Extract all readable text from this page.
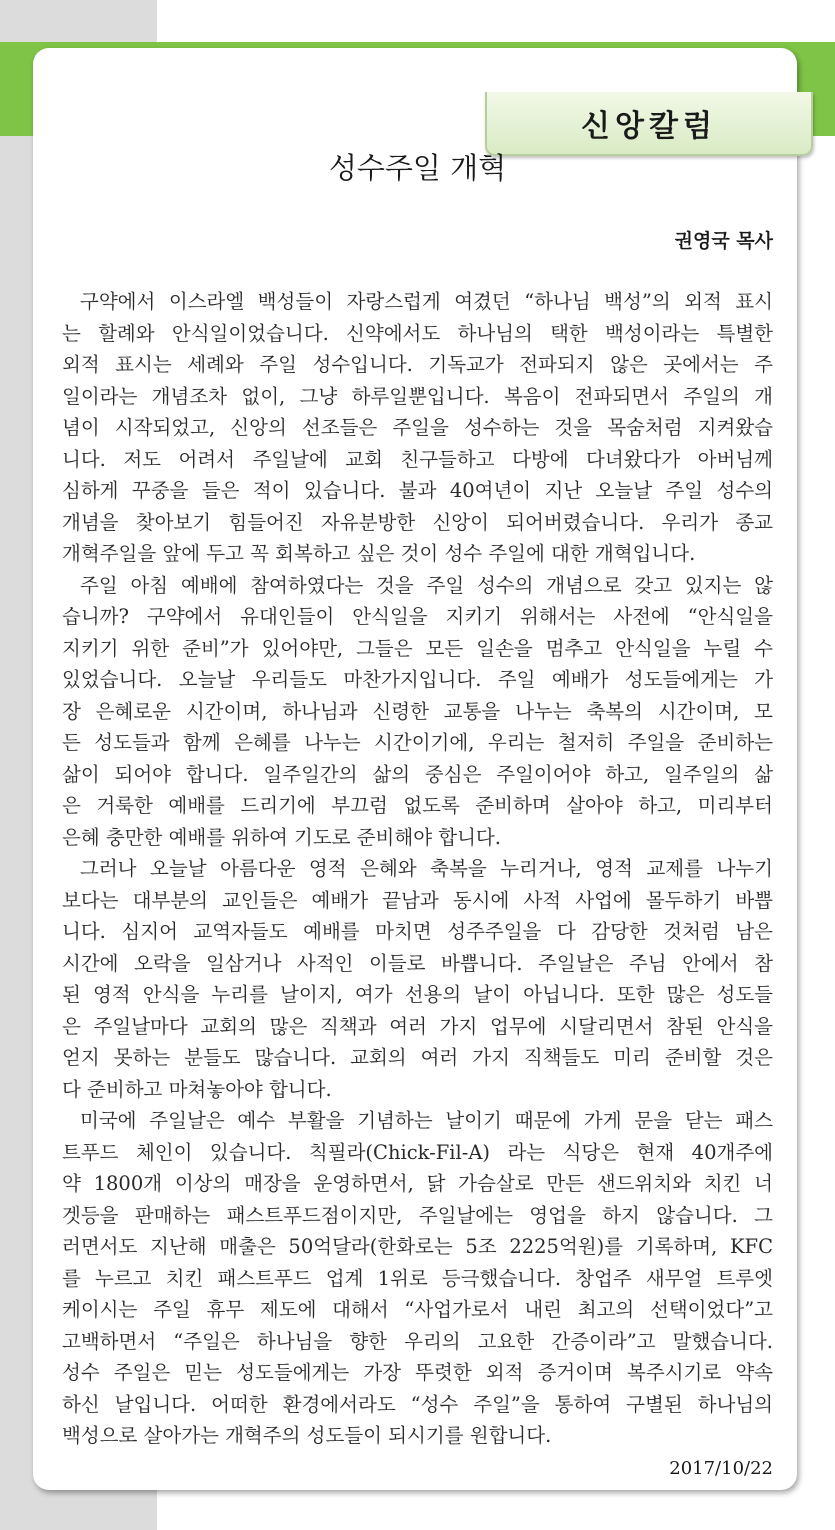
신앙칼럼
성수주일 개혁
권영국 목사
구약에서 이스라엘 백성들이 자랑스럽게 여겼던 “하나님 백성”의 외적 표시
는 할례와 안식일이었습니다. 신약에서도 하나님의 택한 백성이라는 특별한
외적 표시는 세례와 주일 성수입니다. 기독교가 전파되지 않은 곳에서는 주
일이라는 개념조차 없이, 그냥 하루일뿐입니다. 복음이 전파되면서 주일의 개
념이 시작되었고, 신앙의 선조들은 주일을 성수하는 것을 목숨처럼 지켜왔습
니다. 저도 어려서 주일날에 교회 친구들하고 다방에 다녀왔다가 아버님께
심하게 꾸중을 들은 적이 있습니다. 불과 40여년이 지난 오늘날 주일 성수의
개념을 찾아보기 힘들어진 자유분방한 신앙이 되어버렸습니다. 우리가 종교
개혁주일을 앞에 두고 꼭 회복하고 싶은 것이 성수 주일에 대한 개혁입니다.
주일 아침 예배에 참여하였다는 것을 주일 성수의 개념으로 갖고 있지는 않
습니까? 구약에서 유대인들이 안식일을 지키기 위해서는 사전에 “안식일을
지키기 위한 준비”가 있어야만, 그들은 모든 일손을 멈추고 안식일을 누릴 수
있었습니다. 오늘날 우리들도 마찬가지입니다. 주일 예배가 성도들에게는 가
장 은혜로운 시간이며, 하나님과 신령한 교통을 나누는 축복의 시간이며, 모
든 성도들과 함께 은혜를 나누는 시간이기에, 우리는 철저히 주일을 준비하는
삶이 되어야 합니다. 일주일간의 삶의 중심은 주일이어야 하고, 일주일의 삶
은 거룩한 예배를 드리기에 부끄럼 없도록 준비하며 살아야 하고, 미리부터
은혜 충만한 예배를 위하여 기도로 준비해야 합니다.
그러나 오늘날 아름다운 영적 은혜와 축복을 누리거나, 영적 교제를 나누기
보다는 대부분의 교인들은 예배가 끝남과 동시에 사적 사업에 몰두하기 바쁩
니다. 심지어 교역자들도 예배를 마치면 성주주일을 다 감당한 것처럼 남은
시간에 오락을 일삼거나 사적인 이들로 바쁩니다. 주일날은 주님 안에서 참
된 영적 안식을 누리를 날이지, 여가 선용의 날이 아닙니다. 또한 많은 성도들
은 주일날마다 교회의 많은 직책과 여러 가지 업무에 시달리면서 참된 안식을
얻지 못하는 분들도 많습니다. 교회의 여러 가지 직책들도 미리 준비할 것은
다 준비하고 마쳐놓아야 합니다.
미국에 주일날은 예수 부활을 기념하는 날이기 때문에 가게 문을 닫는 패스
트푸드 체인이 있습니다. 칙필라(Chick-Fil-A) 라는 식당은 현재 40개주에
약 1800개 이상의 매장을 운영하면서, 닭 가슴살로 만든 샌드위치와 치킨 너
겟등을 판매하는 패스트푸드점이지만, 주일날에는 영업을 하지 않습니다. 그
러면서도 지난해 매출은 50억달라(한화로는 5조 2225억원)를 기록하며, KFC
를 누르고 치킨 패스트푸드 업계 1위로 등극했습니다. 창업주 새무얼 트루엣
케이시는 주일 휴무 제도에 대해서 “사업가로서 내린 최고의 선택이었다”고
고백하면서 “주일은 하나님을 향한 우리의 고요한 간증이라”고 말했습니다.
성수 주일은 믿는 성도들에게는 가장 뚜렷한 외적 증거이며 복주시기로 약속
하신 날입니다. 어떠한 환경에서라도 “성수 주일”을 통하여 구별된 하나님의
백성으로 살아가는 개혁주의 성도들이 되시기를 원합니다.
2017/10/22
